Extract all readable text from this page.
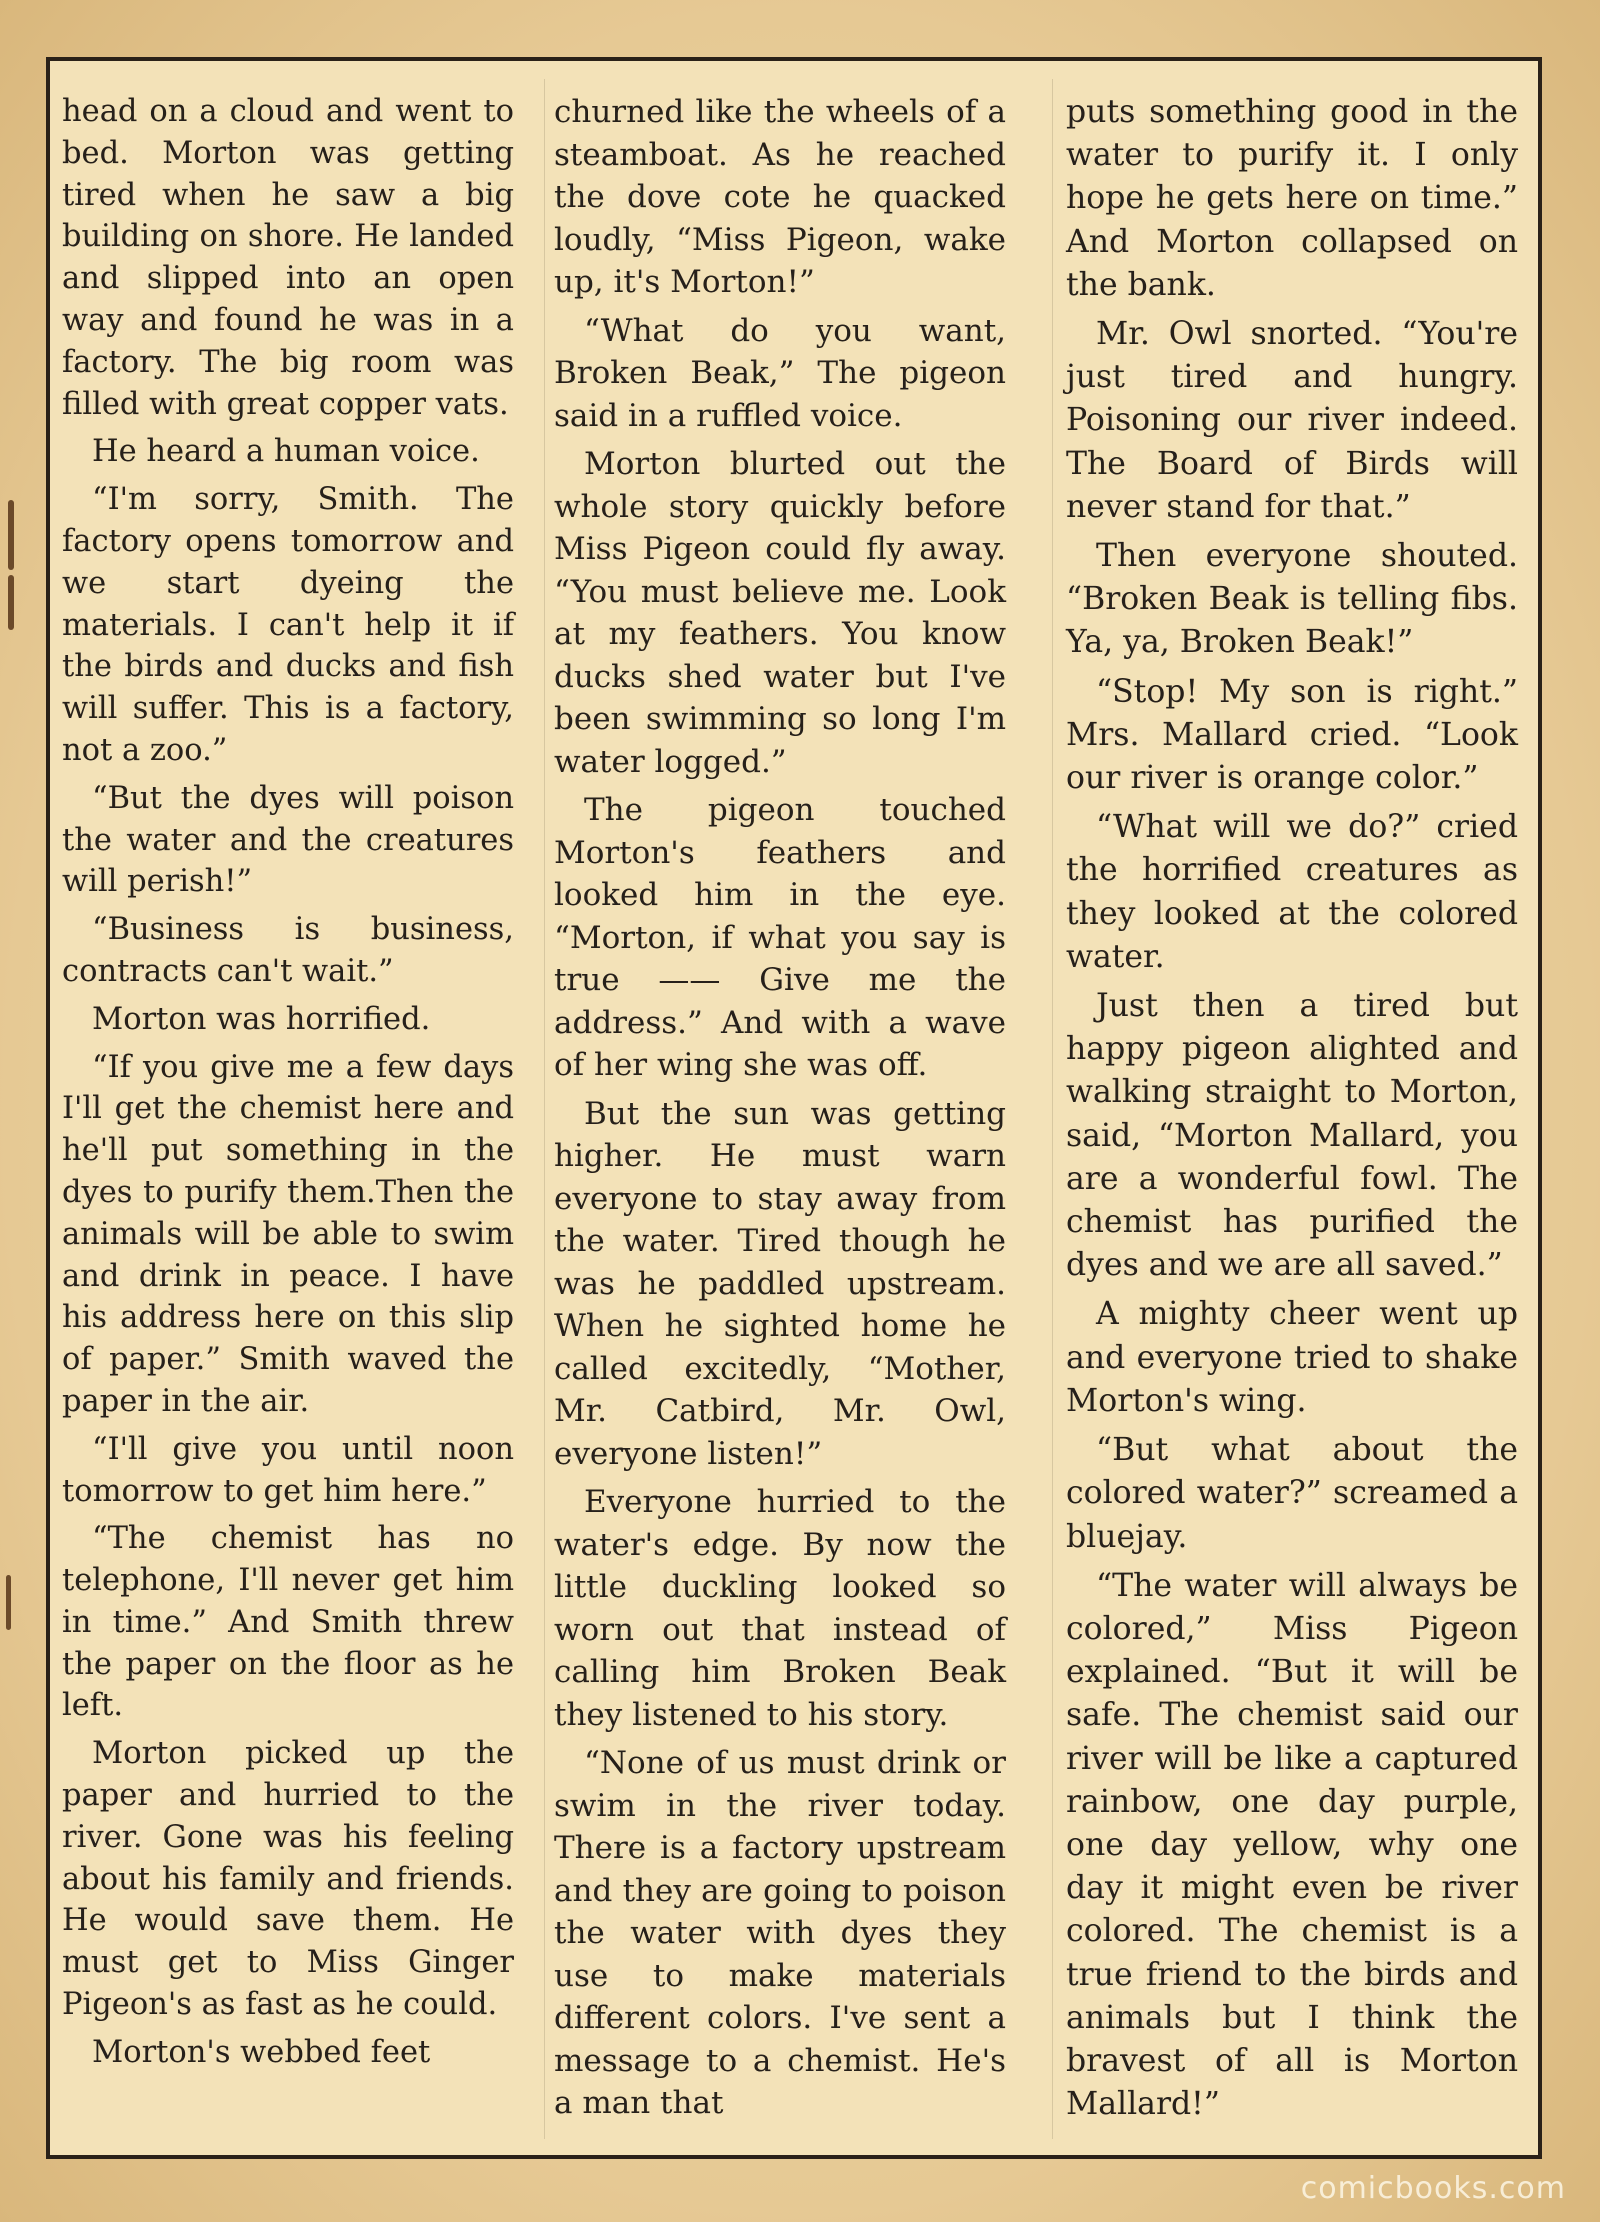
head on a cloud and went to bed. Morton was getting tired when he saw a big building on shore. He landed and slipped into an open way and found he was in a factory. The big room was filled with great copper vats.

He heard a human voice.

“I'm sorry, Smith. The factory opens tomorrow and we start dyeing the materials. I can't help it if the birds and ducks and fish will suffer. This is a factory, not a zoo.”

“But the dyes will poison the water and the creatures will perish!”

“Business is business, contracts can't wait.”

Morton was horrified.

“If you give me a few days I'll get the chemist here and he'll put something in the dyes to purify them.Then the animals will be able to swim and drink in peace. I have his address here on this slip of paper.” Smith waved the paper in the air.

“I'll give you until noon tomorrow to get him here.”

“The chemist has no telephone, I'll never get him in time.” And Smith threw the paper on the floor as he left.

Morton picked up the paper and hurried to the river. Gone was his feeling about his family and friends. He would save them. He must get to Miss Ginger Pigeon's as fast as he could.

Morton's webbed feet

churned like the wheels of a steamboat. As he reached the dove cote he quacked loudly, “Miss Pigeon, wake up, it's Morton!”

“What do you want, Broken Beak,” The pigeon said in a ruffled voice.

Morton blurted out the whole story quickly before Miss Pigeon could fly away. “You must believe me. Look at my feathers. You know ducks shed water but I've been swimming so long I'm water logged.”

The pigeon touched Morton's feathers and looked him in the eye. “Morton, if what you say is true —— Give me the address.” And with a wave of her wing she was off.

But the sun was getting higher. He must warn everyone to stay away from the water. Tired though he was he paddled upstream. When he sighted home he called excitedly, “Mother, Mr. Catbird, Mr. Owl, everyone listen!”

Everyone hurried to the water's edge. By now the little duckling looked so worn out that instead of calling him Broken Beak they listened to his story.

“None of us must drink or swim in the river today. There is a factory upstream and they are going to poison the water with dyes they use to make materials different colors. I've sent a message to a chemist. He's a man that

puts something good in the water to purify it. I only hope he gets here on time.” And Morton collapsed on the bank.

Mr. Owl snorted. “You're just tired and hungry. Poisoning our river indeed. The Board of Birds will never stand for that.”

Then everyone shouted. “Broken Beak is telling fibs. Ya, ya, Broken Beak!”

“Stop! My son is right.” Mrs. Mallard cried. “Look our river is orange color.”

“What will we do?” cried the horrified creatures as they looked at the colored water.

Just then a tired but happy pigeon alighted and walking straight to Morton, said, “Morton Mallard, you are a wonderful fowl. The chemist has purified the dyes and we are all saved.”

A mighty cheer went up and everyone tried to shake Morton's wing.

“But what about the colored water?” screamed a bluejay.

“The water will always be colored,” Miss Pigeon explained. “But it will be safe. The chemist said our river will be like a captured rainbow, one day purple, one day yellow, why one day it might even be river colored. The chemist is a true friend to the birds and animals but I think the bravest of all is Morton Mallard!”

comicbooks.com
